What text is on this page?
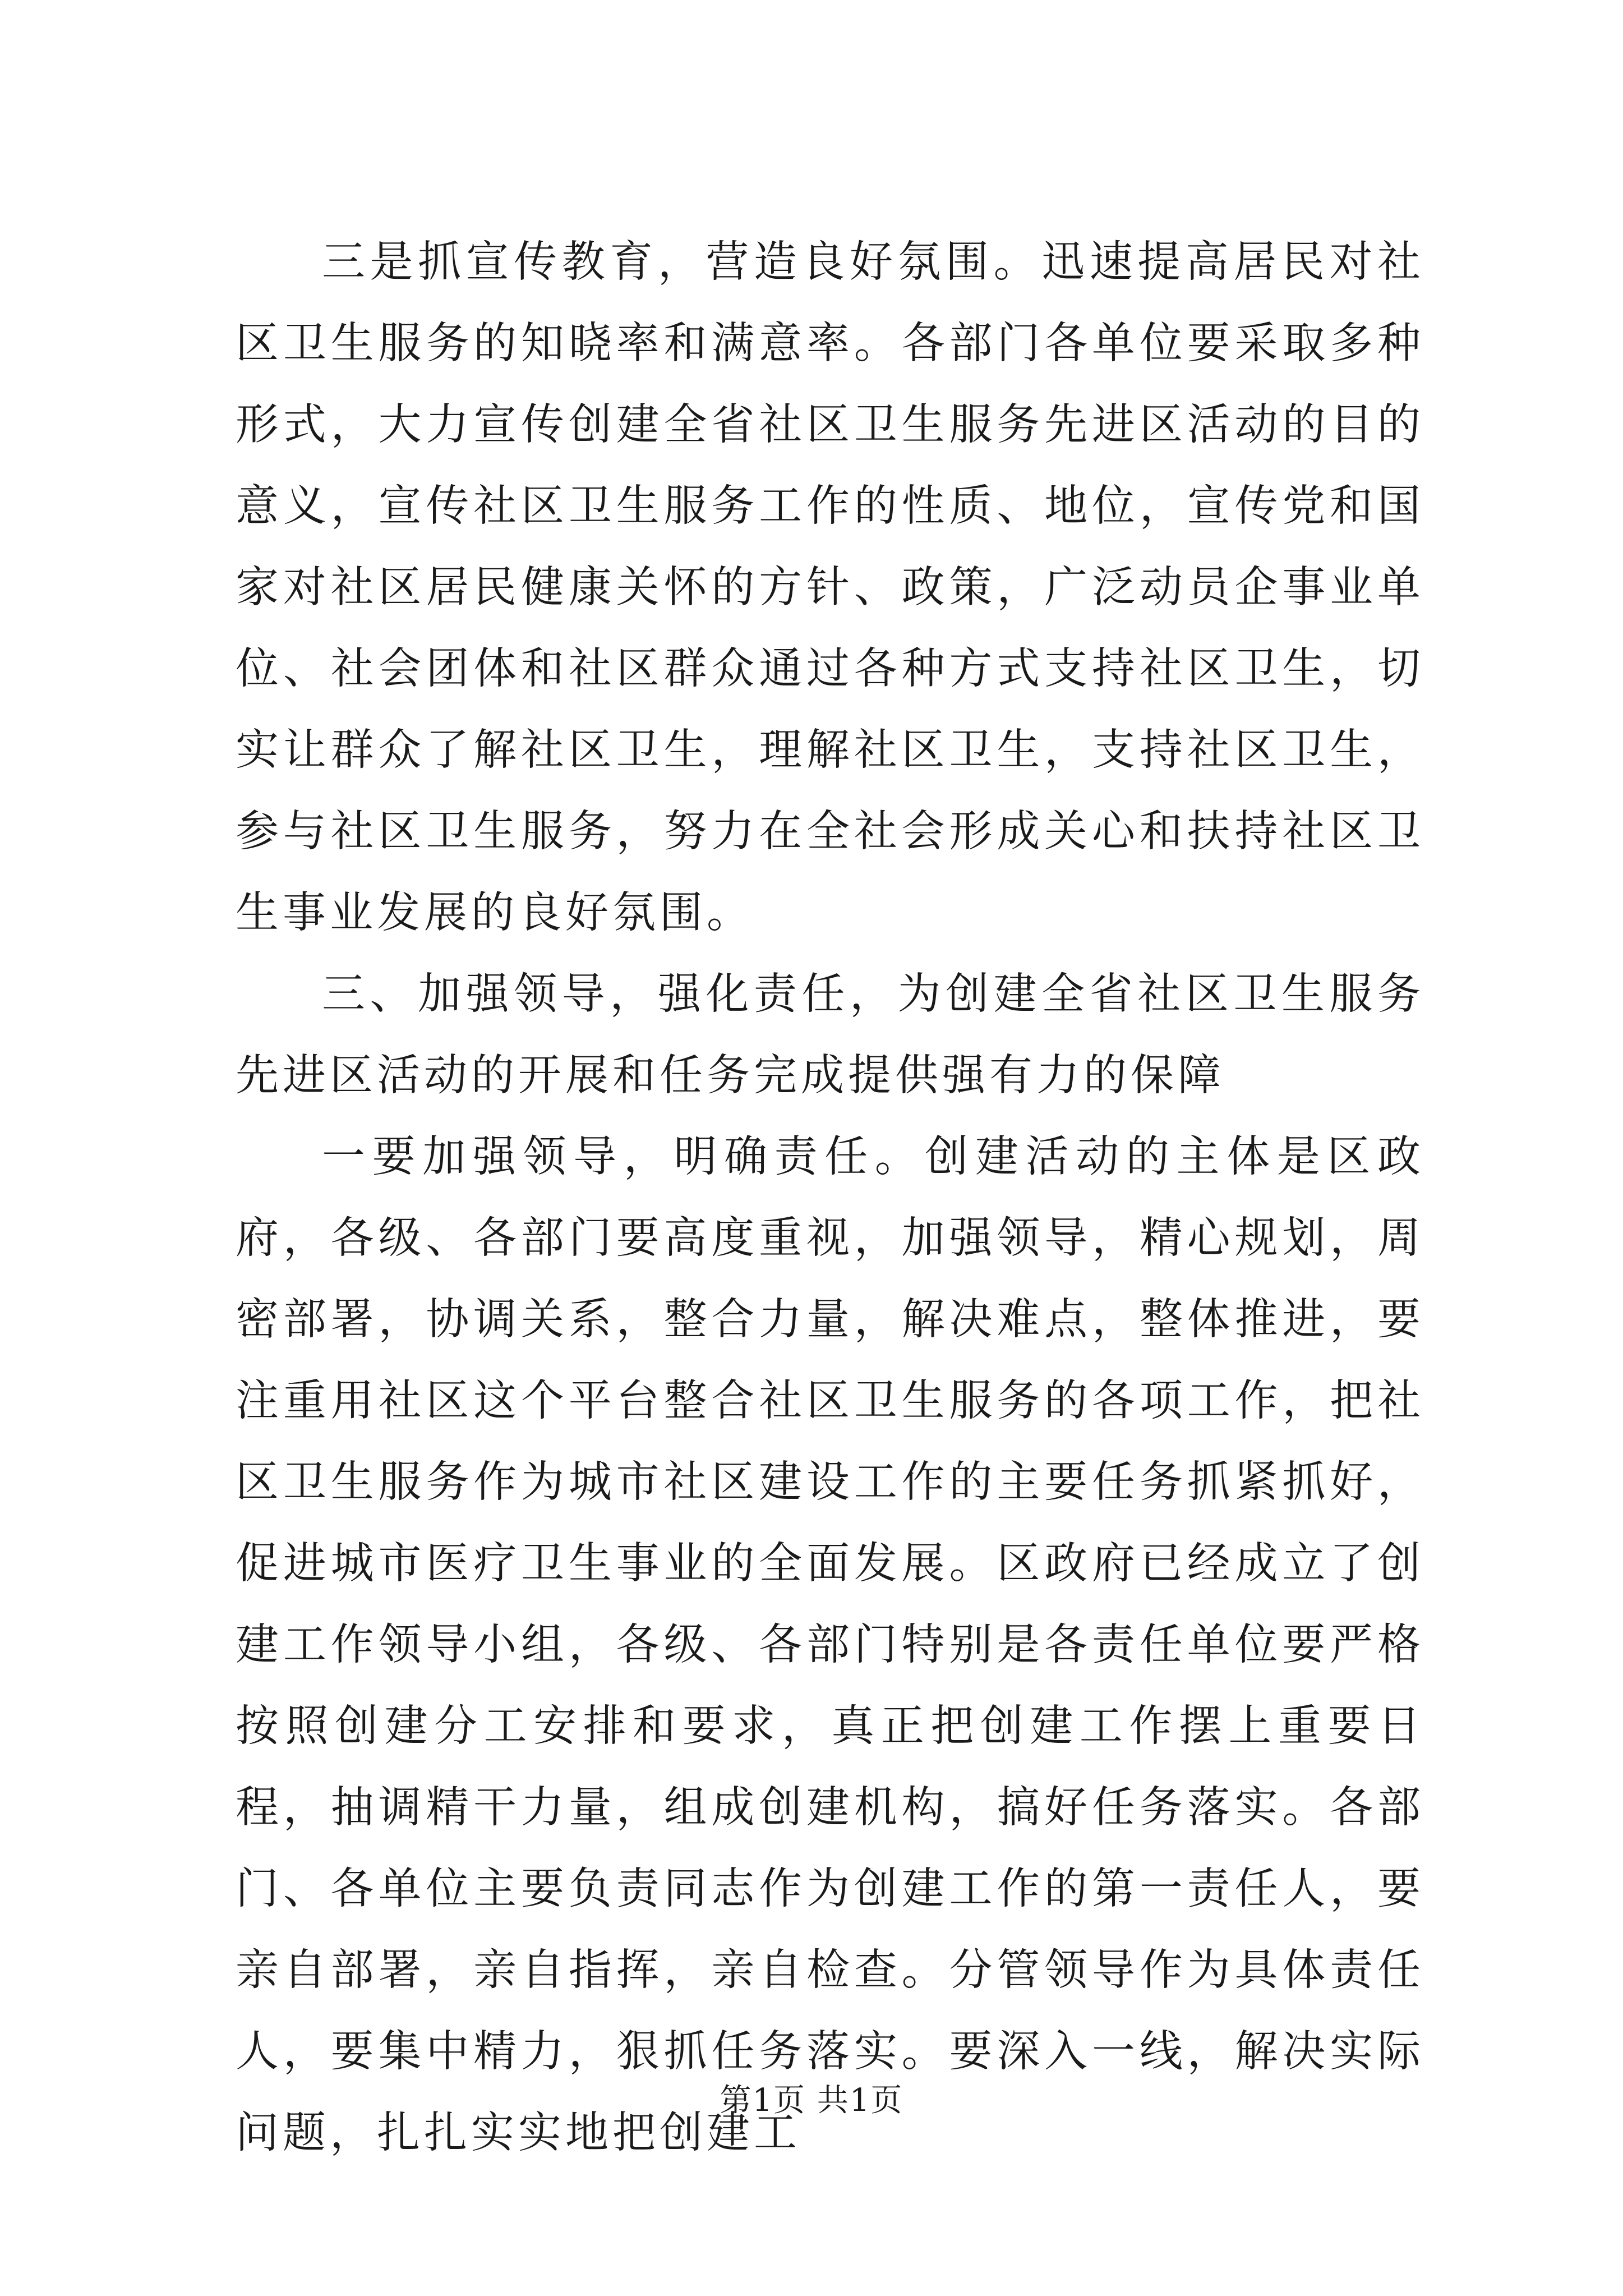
三是抓宣传教育，营造良好氛围。迅速提高居民对社区卫生服务的知晓率和满意率。各部门各单位要采取多种形式，大力宣传创建全省社区卫生服务先进区活动的目的意义，宣传社区卫生服务工作的性质、地位，宣传党和国家对社区居民健康关怀的方针、政策，广泛动员企事业单位、社会团体和社区群众通过各种方式支持社区卫生，切实让群众了解社区卫生，理解社区卫生，支持社区卫生，参与社区卫生服务，努力在全社会形成关心和扶持社区卫生事业发展的良好氛围。

三、加强领导，强化责任，为创建全省社区卫生服务先进区活动的开展和任务完成提供强有力的保障

一要加强领导，明确责任。创建活动的主体是区政府，各级、各部门要高度重视，加强领导，精心规划，周密部署，协调关系，整合力量，解决难点，整体推进，要注重用社区这个平台整合社区卫生服务的各项工作，把社区卫生服务作为城市社区建设工作的主要任务抓紧抓好，促进城市医疗卫生事业的全面发展。区政府已经成立了创建工作领导小组，各级、各部门特别是各责任单位要严格按照创建分工安排和要求，真正把创建工作摆上重要日程，抽调精干力量，组成创建机构，搞好任务落实。各部门、各单位主要负责同志作为创建工作的第一责任人，要亲自部署，亲自指挥，亲自检查。分管领导作为具体责任人，要集中精力，狠抓任务落实。要深入一线，解决实际问题，扎扎实实地把创建工

第1页 共1页
